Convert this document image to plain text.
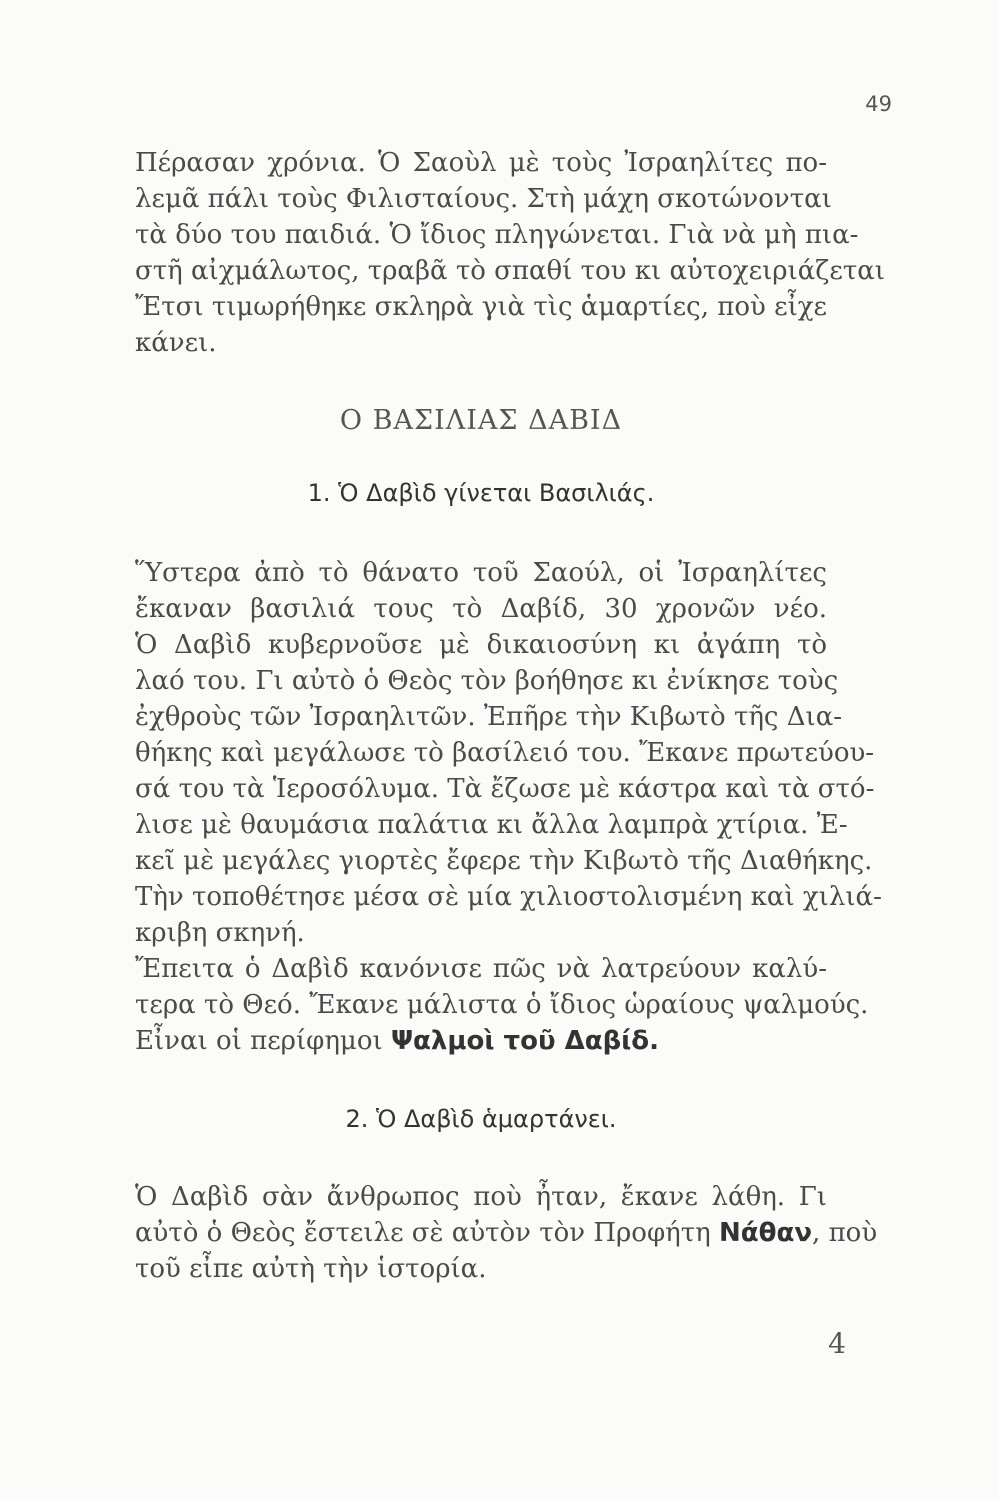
49
Πέρασαν χρόνια. Ὁ Σαοὺλ μὲ τοὺς Ἰσραηλίτες πο-
λεμᾶ πάλι τοὺς Φιλισταίους. Στὴ μάχη σκοτώνονται
τὰ δύο του παιδιά. Ὁ ἴδιος πληγώνεται. Γιὰ νὰ μὴ πια-
στῆ αἰχμάλωτος, τραβᾶ τὸ σπαθί του κι αὐτοχειριάζεται
Ἔτσι τιμωρήθηκε σκληρὰ γιὰ τὶς ἁμαρτίες, ποὺ εἶχε
κάνει.
Ο ΒΑΣΙΛΙΑΣ ΔΑΒΙΔ
1. Ὁ Δαβὶδ γίνεται Βασιλιάς.
Ὕστερα ἀπὸ τὸ θάνατο τοῦ Σαούλ, οἱ Ἰσραηλίτες
ἔκαναν βασιλιά τους τὸ Δαβίδ, 30 χρονῶν νέο.
Ὁ Δαβὶδ κυβερνοῦσε μὲ δικαιοσύνη κι ἀγάπη τὸ
λαό του. Γι αὐτὸ ὁ Θεὸς τὸν βοήθησε κι ἐνίκησε τοὺς
ἐχθροὺς τῶν Ἰσραηλιτῶν. Ἐπῆρε τὴν Κιβωτὸ τῆς Δια-
θήκης καὶ μεγάλωσε τὸ βασίλειό του. Ἔκανε πρωτεύου-
σά του τὰ Ἱεροσόλυμα. Τὰ ἔζωσε μὲ κάστρα καὶ τὰ στό-
λισε μὲ θαυμάσια παλάτια κι ἄλλα λαμπρὰ χτίρια. Ἐ-
κεῖ μὲ μεγάλες γιορτὲς ἔφερε τὴν Κιβωτὸ τῆς Διαθήκης.
Τὴν τοποθέτησε μέσα σὲ μία χιλιοστολισμένη καὶ χιλιά-
κριβη σκηνή.
Ἔπειτα ὁ Δαβὶδ κανόνισε πῶς νὰ λατρεύουν καλύ-
τερα τὸ Θεό. Ἔκανε μάλιστα ὁ ἴδιος ὡραίους ψαλμούς.
Εἶναι οἱ περίφημοι Ψαλμοὶ τοῦ Δαβίδ.
2. Ὁ Δαβὶδ ἁμαρτάνει.
Ὁ Δαβὶδ σὰν ἄνθρωπος ποὺ ἦταν, ἔκανε λάθη. Γι
αὐτὸ ὁ Θεὸς ἔστειλε σὲ αὐτὸν τὸν Προφήτη Νάθαν, ποὺ
τοῦ εἶπε αὐτὴ τὴν ἱστορία.
4
